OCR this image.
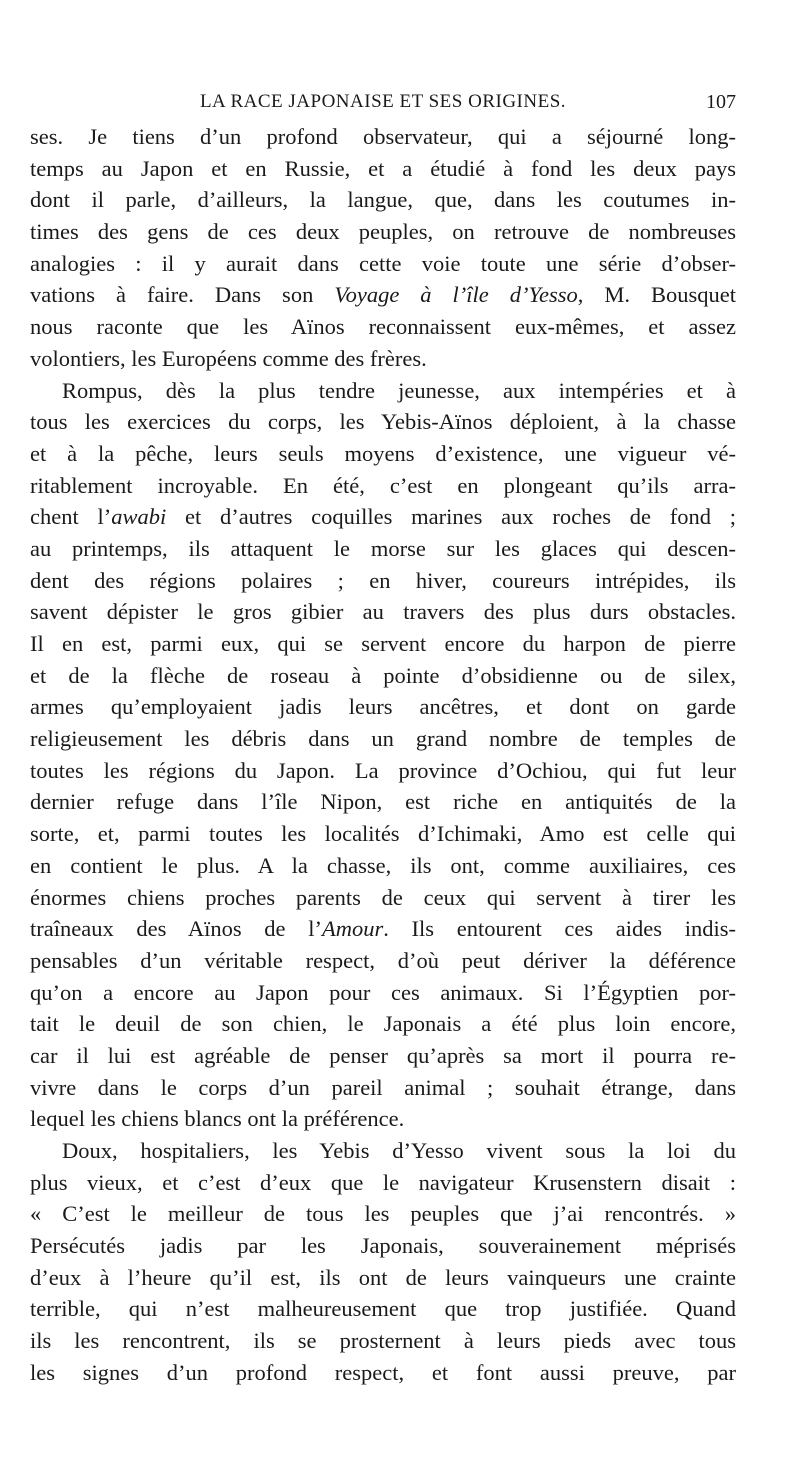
LA RACE JAPONAISE ET SES ORIGINES.	107
ses. Je tiens d’un profond observateur, qui a séjourné long-
temps au Japon et en Russie, et a étudié à fond les deux pays
dont il parle, d’ailleurs, la langue, que, dans les coutumes in-
times des gens de ces deux peuples, on retrouve de nombreuses
analogies : il y aurait dans cette voie toute une série d’obser-
vations à faire. Dans son Voyage à l’île d’Yesso, M. Bousquet
nous raconte que les Aïnos reconnaissent eux-mêmes, et assez
volontiers, les Européens comme des frères.
Rompus, dès la plus tendre jeunesse, aux intempéries et à
tous les exercices du corps, les Yebis-Aïnos déploient, à la chasse
et à la pêche, leurs seuls moyens d’existence, une vigueur vé-
ritablement incroyable. En été, c’est en plongeant qu’ils arra-
chent l’awabi et d’autres coquilles marines aux roches de fond ;
au printemps, ils attaquent le morse sur les glaces qui descen-
dent des régions polaires ; en hiver, coureurs intrépides, ils
savent dépister le gros gibier au travers des plus durs obstacles.
Il en est, parmi eux, qui se servent encore du harpon de pierre
et de la flèche de roseau à pointe d’obsidienne ou de silex,
armes qu’employaient jadis leurs ancêtres, et dont on garde
religieusement les débris dans un grand nombre de temples de
toutes les régions du Japon. La province d’Ochiou, qui fut leur
dernier refuge dans l’île Nipon, est riche en antiquités de la
sorte, et, parmi toutes les localités d’Ichimaki, Amo est celle qui
en contient le plus. A la chasse, ils ont, comme auxiliaires, ces
énormes chiens proches parents de ceux qui servent à tirer les
traîneaux des Aïnos de l’Amour. Ils entourent ces aides indis-
pensables d’un véritable respect, d’où peut dériver la déférence
qu’on a encore au Japon pour ces animaux. Si l’Égyptien por-
tait le deuil de son chien, le Japonais a été plus loin encore,
car il lui est agréable de penser qu’après sa mort il pourra re-
vivre dans le corps d’un pareil animal ; souhait étrange, dans
lequel les chiens blancs ont la préférence.
Doux, hospitaliers, les Yebis d’Yesso vivent sous la loi du
plus vieux, et c’est d’eux que le navigateur Krusenstern disait :
« C’est le meilleur de tous les peuples que j’ai rencontrés. »
Persécutés jadis par les Japonais, souverainement méprisés
d’eux à l’heure qu’il est, ils ont de leurs vainqueurs une crainte
terrible, qui n’est malheureusement que trop justifiée. Quand
ils les rencontrent, ils se prosternent à leurs pieds avec tous
les signes d’un profond respect, et font aussi preuve, par
